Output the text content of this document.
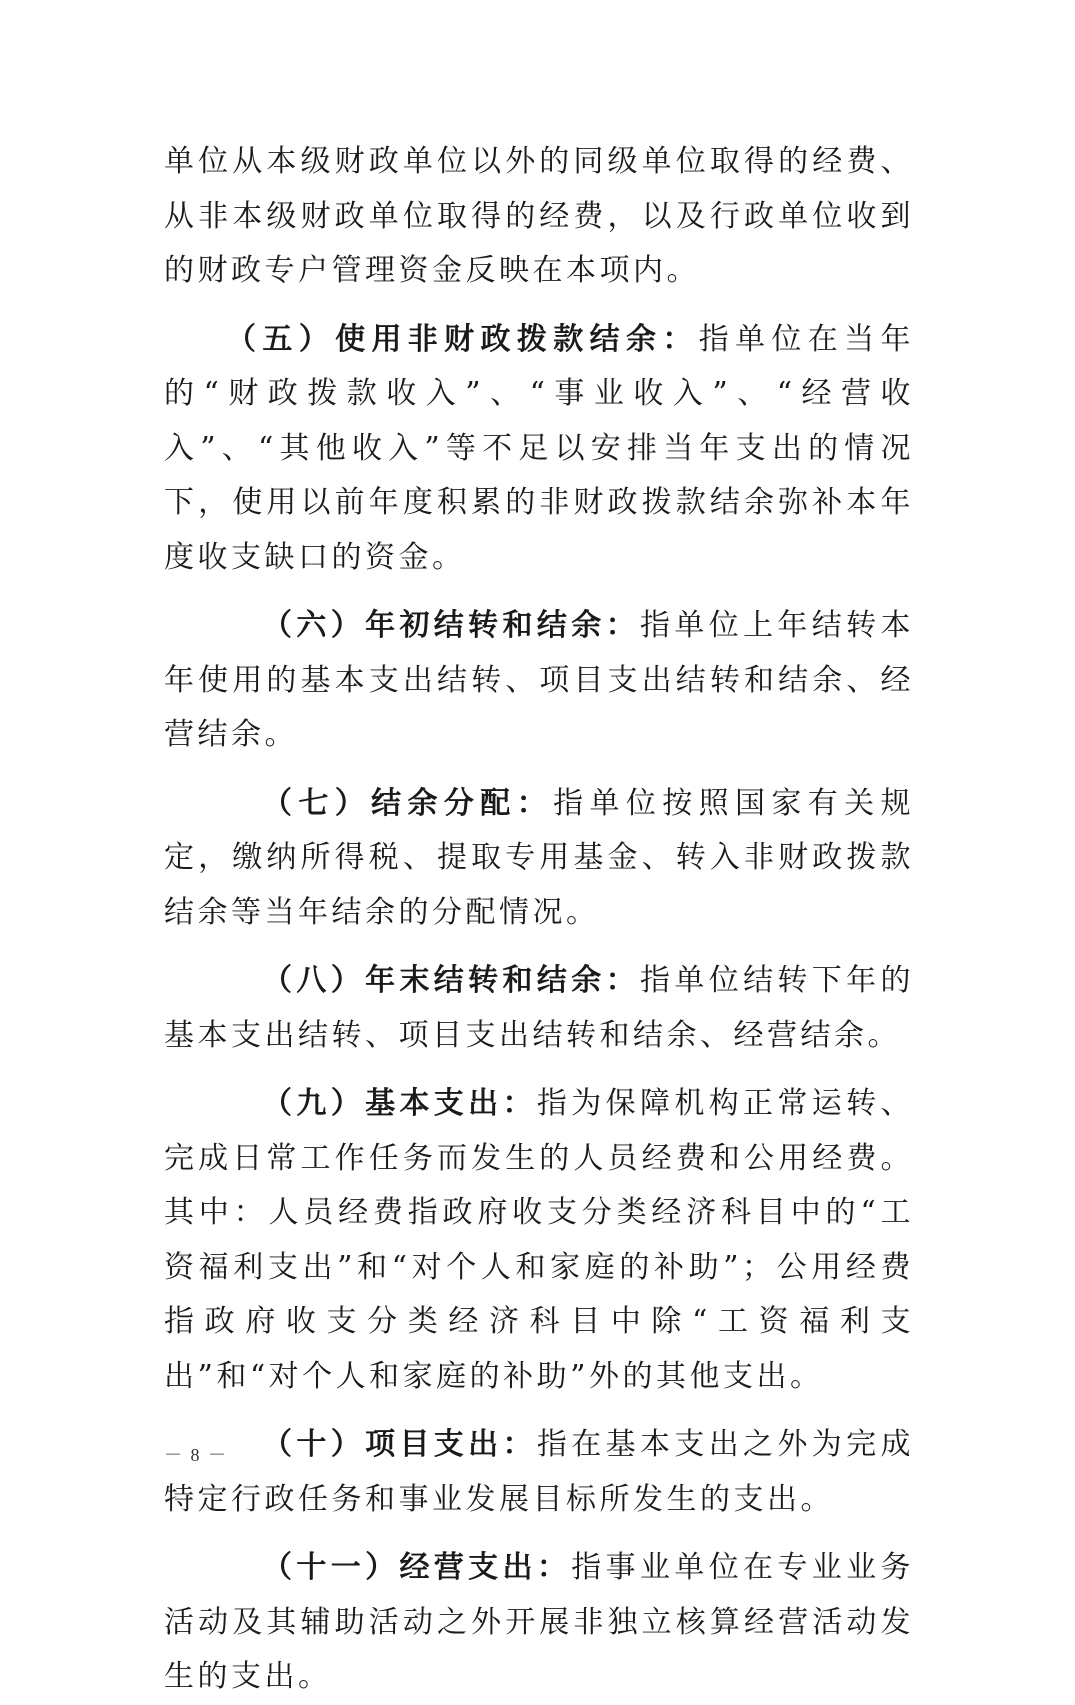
单位从本级财政单位以外的同级单位取得的经费、从非本级财政单位取得的经费，以及行政单位收到的财政专户管理资金反映在本项内。

（五）使用非财政拨款结余：指单位在当年的“财政拨款收入”、“事业收入”、“经营收入”、“其他收入”等不足以安排当年支出的情况下，使用以前年度积累的非财政拨款结余弥补本年度收支缺口的资金。

（六）年初结转和结余：指单位上年结转本年使用的基本支出结转、项目支出结转和结余、经营结余。

（七）结余分配：指单位按照国家有关规定，缴纳所得税、提取专用基金、转入非财政拨款结余等当年结余的分配情况。

（八）年末结转和结余：指单位结转下年的基本支出结转、项目支出结转和结余、经营结余。

（九）基本支出：指为保障机构正常运转、完成日常工作任务而发生的人员经费和公用经费。其中：人员经费指政府收支分类经济科目中的“工资福利支出”和“对个人和家庭的补助”；公用经费指政府收支分类经济科目中除“工资福利支出”和“对个人和家庭的补助”外的其他支出。

（十）项目支出：指在基本支出之外为完成特定行政任务和事业发展目标所发生的支出。

（十一）经营支出：指事业单位在专业业务活动及其辅助活动之外开展非独立核算经营活动发生的支出。

－ 8 －
